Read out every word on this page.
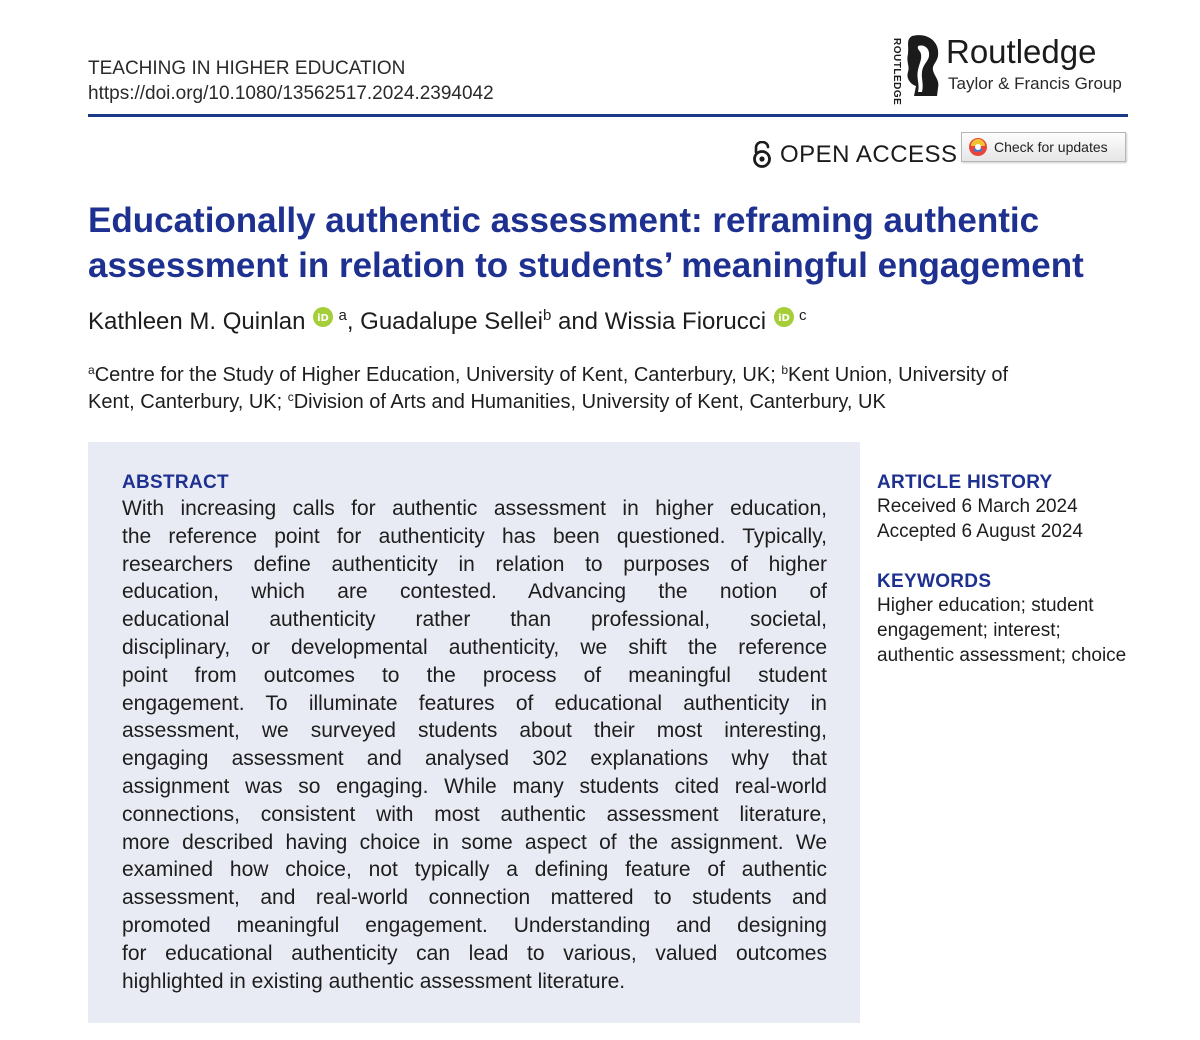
TEACHING IN HIGHER EDUCATION
https://doi.org/10.1080/13562517.2024.2394042	ROUTLEDGE Routledge
Taylor & Francis Group
OPEN ACCESS	Check for updates
Educationally authentic assessment: reframing authentic
assessment in relation to students’ meaningful engagement
Kathleen M. Quinlan iD $^a$, Guadalupe Sellei$^b$ and Wissia Fiorucci iD $^c$
$^a$Centre for the Study of Higher Education, University of Kent, Canterbury, UK; $^b$Kent Union, University of
Kent, Canterbury, UK; $^c$Division of Arts and Humanities, University of Kent, Canterbury, UK
ABSTRACT
With increasing calls for authentic assessment in higher education,
the reference point for authenticity has been questioned. Typically,
researchers define authenticity in relation to purposes of higher
education, which are contested. Advancing the notion of
educational authenticity rather than professional, societal,
disciplinary, or developmental authenticity, we shift the reference
point from outcomes to the process of meaningful student
engagement. To illuminate features of educational authenticity in
assessment, we surveyed students about their most interesting,
engaging assessment and analysed 302 explanations why that
assignment was so engaging. While many students cited real-world
connections, consistent with most authentic assessment literature,
more described having choice in some aspect of the assignment. We
examined how choice, not typically a defining feature of authentic
assessment, and real-world connection mattered to students and
promoted meaningful engagement. Understanding and designing
for educational authenticity can lead to various, valued outcomes
highlighted in existing authentic assessment literature.
ARTICLE HISTORY
Received 6 March 2024
Accepted 6 August 2024
KEYWORDS
Higher education; student
engagement; interest;
authentic assessment; choice
